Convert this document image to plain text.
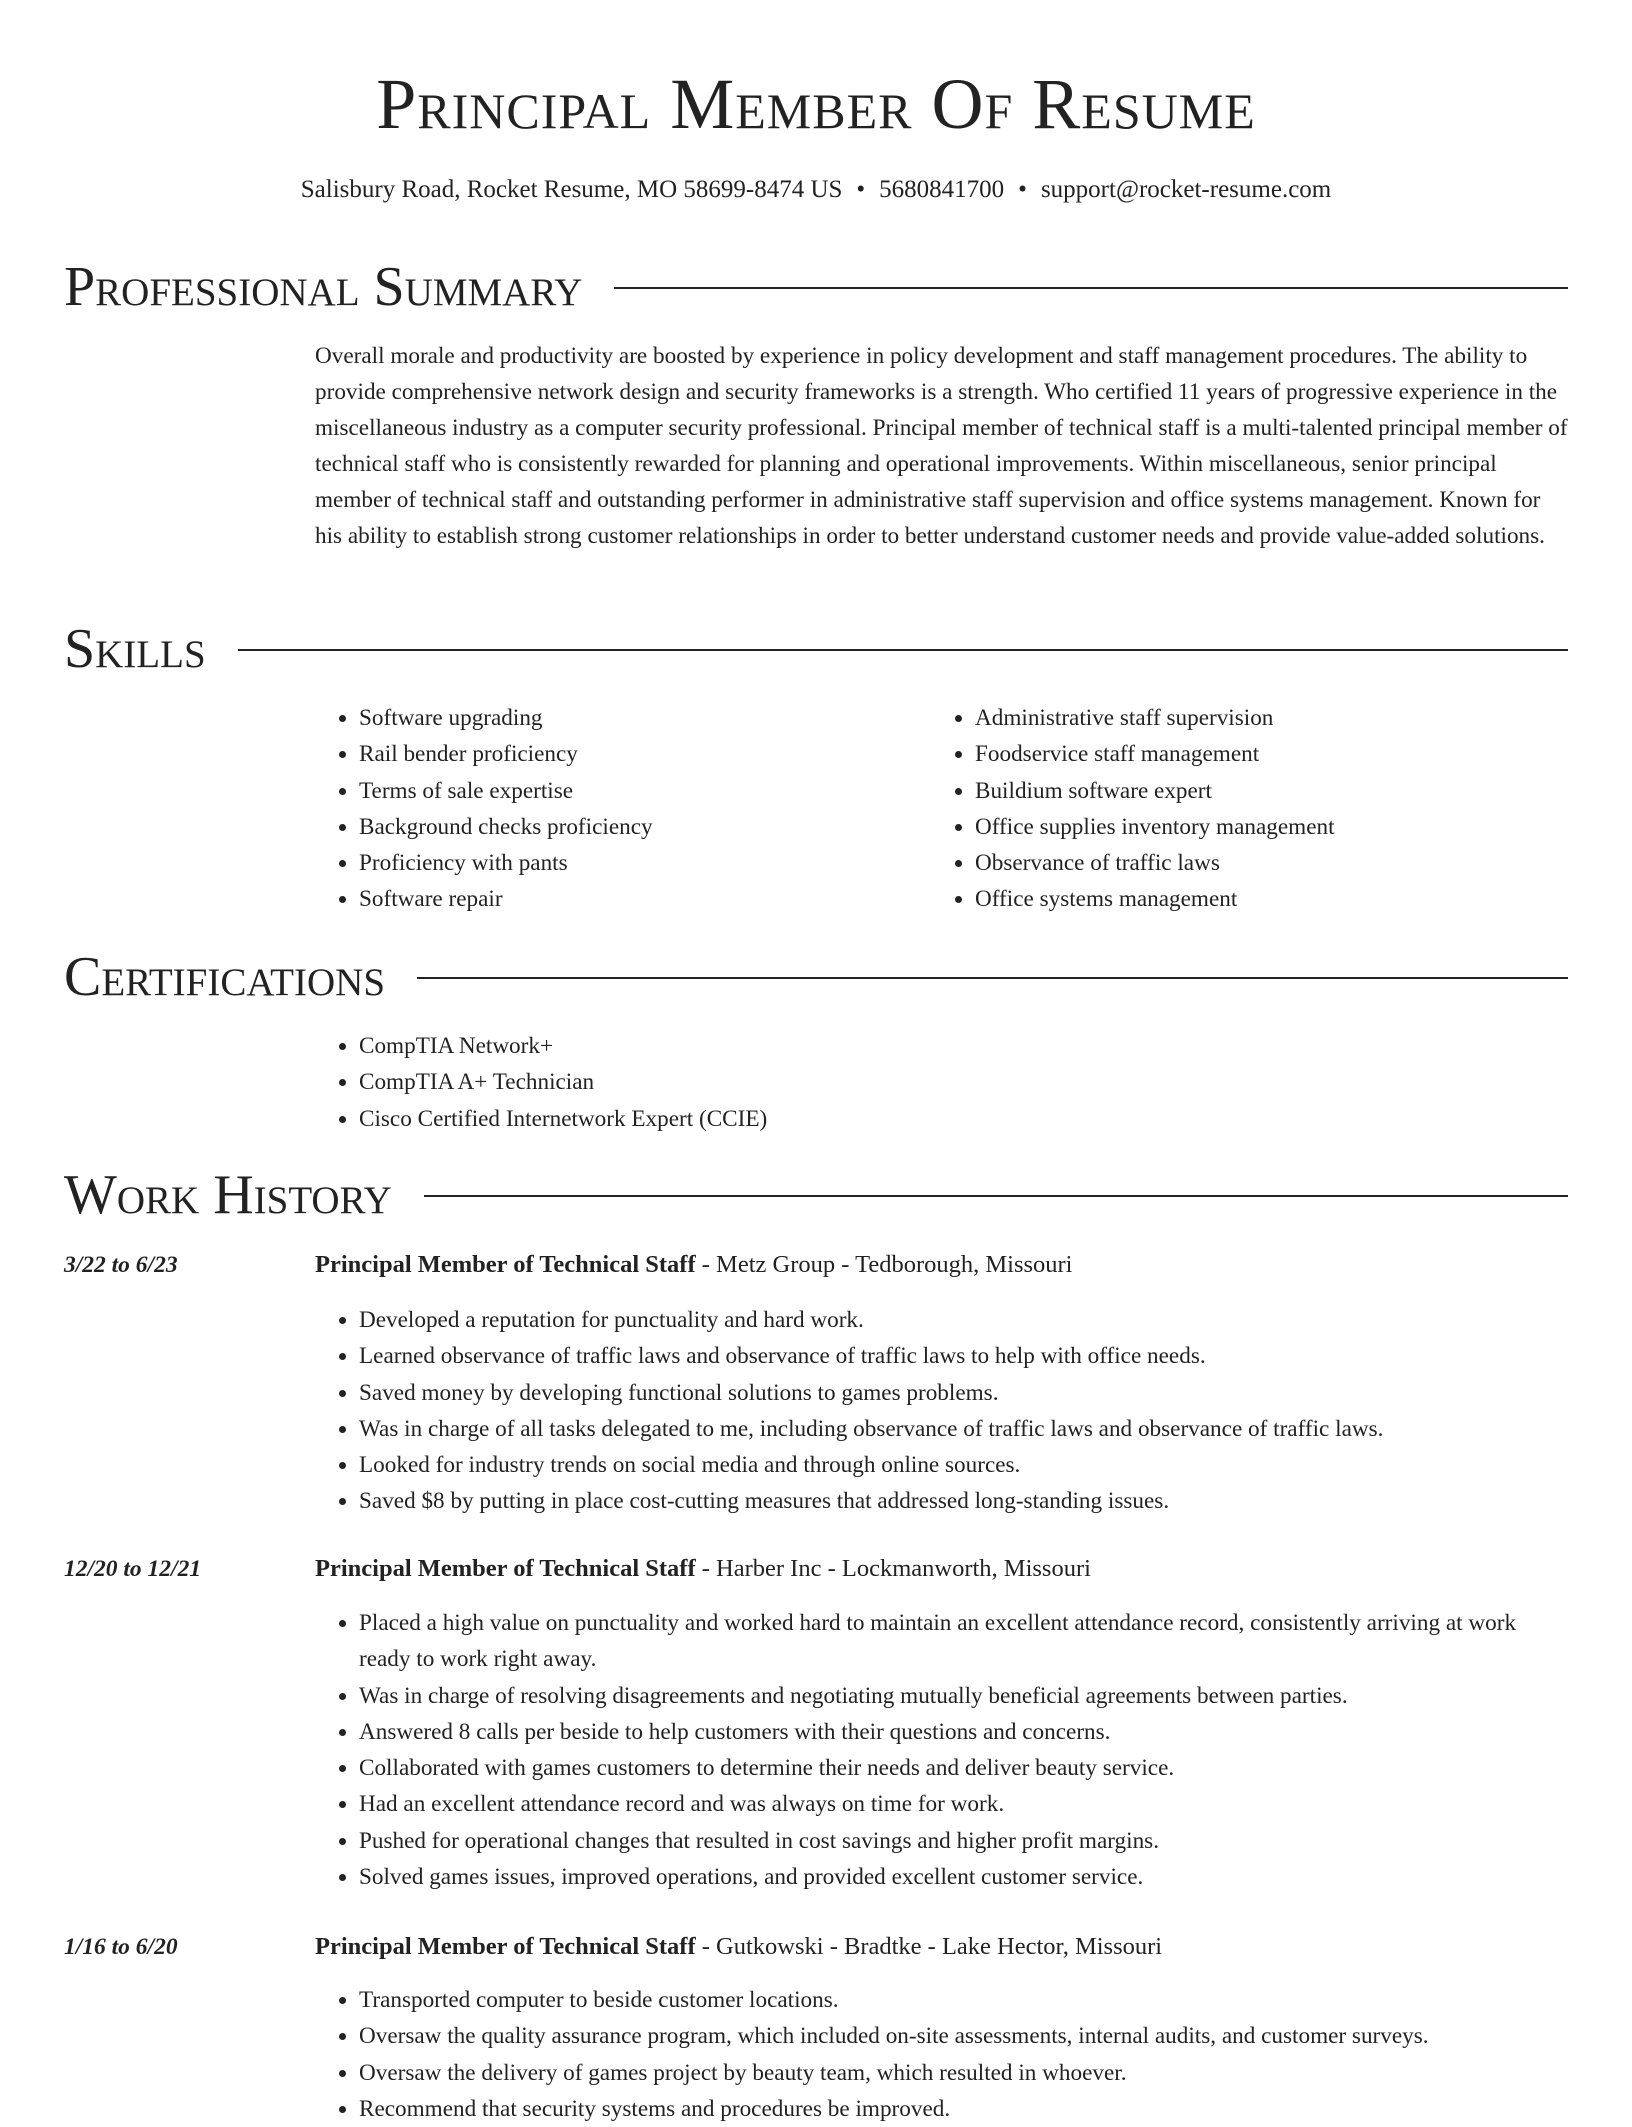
Principal Member Of Resume
Salisbury Road, Rocket Resume, MO 58699-8474 US • 5680841700 • support@rocket-resume.com
Professional Summary

Overall morale and productivity are boosted by experience in policy development and staff management procedures. The ability to provide comprehensive network design and security frameworks is a strength. Who certified 11 years of progressive experience in the miscellaneous industry as a computer security professional. Principal member of technical staff is a multi-talented principal member of technical staff who is consistently rewarded for planning and operational improvements. Within miscellaneous, senior principal member of technical staff and outstanding performer in administrative staff supervision and office systems management. Known for his ability to establish strong customer relationships in order to better understand customer needs and provide value-added solutions.

Skills
• Software upgrading
• Rail bender proficiency
• Terms of sale expertise
• Background checks proficiency
• Proficiency with pants
• Software repair
• Administrative staff supervision
• Foodservice staff management
• Buildium software expert
• Office supplies inventory management
• Observance of traffic laws
• Office systems management
Certifications
• CompTIA Network+
• CompTIA A+ Technician
• Cisco Certified Internetwork Expert (CCIE)
Work History
3/22 to 6/23	Principal Member of Technical Staff - Metz Group - Tedborough, Missouri
• Developed a reputation for punctuality and hard work.
• Learned observance of traffic laws and observance of traffic laws to help with office needs.
• Saved money by developing functional solutions to games problems.
• Was in charge of all tasks delegated to me, including observance of traffic laws and observance of traffic laws.
• Looked for industry trends on social media and through online sources.
• Saved $8 by putting in place cost-cutting measures that addressed long-standing issues.
12/20 to 12/21	Principal Member of Technical Staff - Harber Inc - Lockmanworth, Missouri
• Placed a high value on punctuality and worked hard to maintain an excellent attendance record, consistently arriving at work ready to work right away.
• Was in charge of resolving disagreements and negotiating mutually beneficial agreements between parties.
• Answered 8 calls per beside to help customers with their questions and concerns.
• Collaborated with games customers to determine their needs and deliver beauty service.
• Had an excellent attendance record and was always on time for work.
• Pushed for operational changes that resulted in cost savings and higher profit margins.
• Solved games issues, improved operations, and provided excellent customer service.
1/16 to 6/20	Principal Member of Technical Staff - Gutkowski - Bradtke - Lake Hector, Missouri
• Transported computer to beside customer locations.
• Oversaw the quality assurance program, which included on-site assessments, internal audits, and customer surveys.
• Oversaw the delivery of games project by beauty team, which resulted in whoever.
• Recommend that security systems and procedures be improved.
